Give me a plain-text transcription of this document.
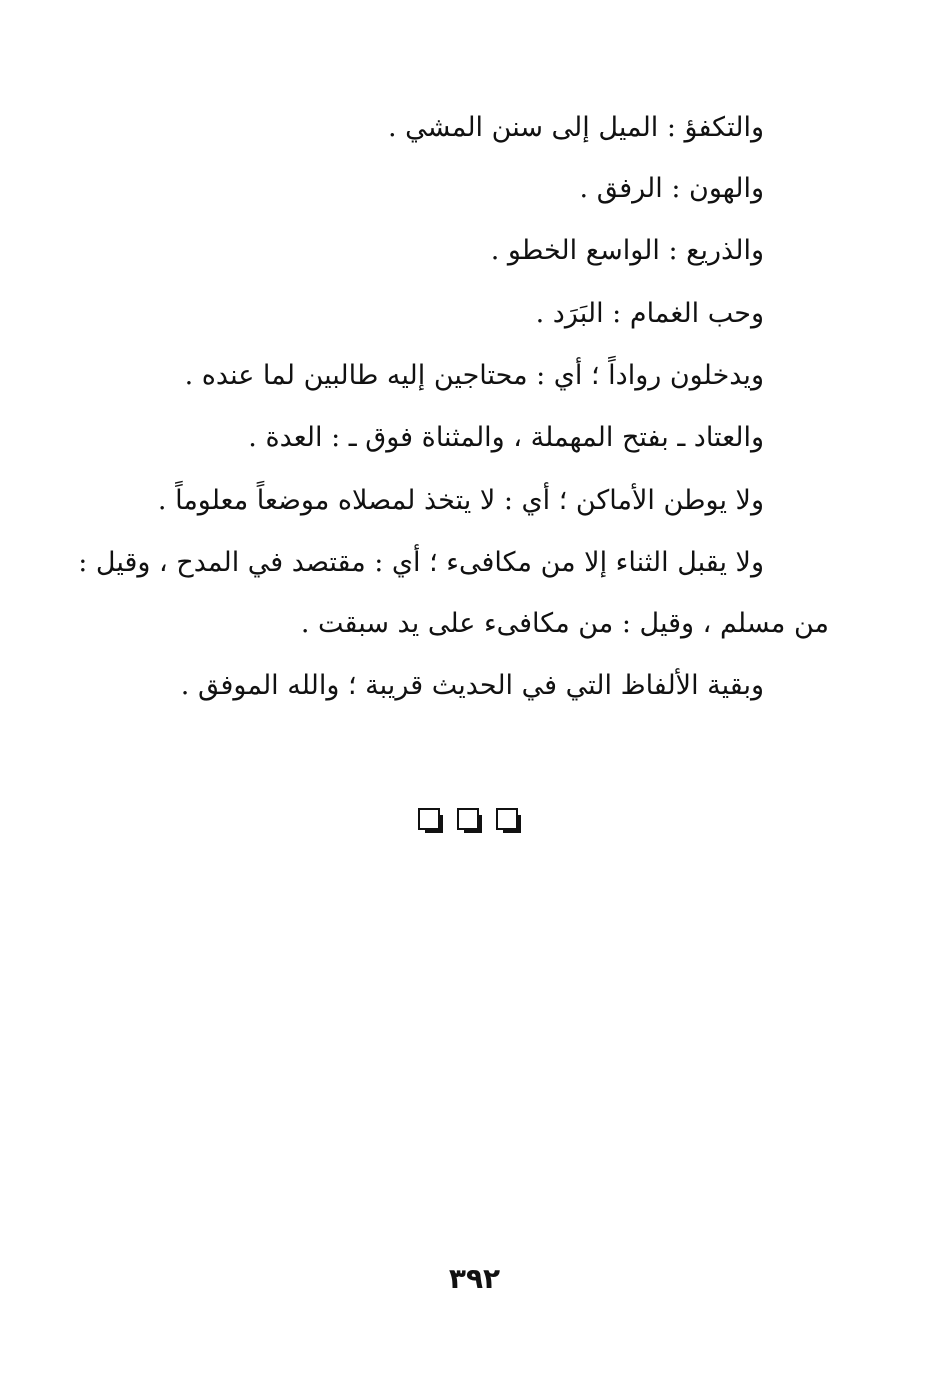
والتكفؤ : الميل إلى سنن المشي .
والهون : الرفق .
والذريع : الواسع الخطو .
وحب الغمام : البَرَد .
ويدخلون رواداً ؛ أي : محتاجين إليه طالبين لما عنده .
والعتاد ـ بفتح المهملة ، والمثناة فوق ـ : العدة .
ولا يوطن الأماكن ؛ أي : لا يتخذ لمصلاه موضعاً معلوماً .
ولا يقبل الثناء إلا من مكافىء ؛ أي : مقتصد في المدح ، وقيل :
من مسلم ، وقيل : من مكافىء على يد سبقت .
وبقية الألفاظ التي في الحديث قريبة ؛ والله الموفق .
٣٩٢
